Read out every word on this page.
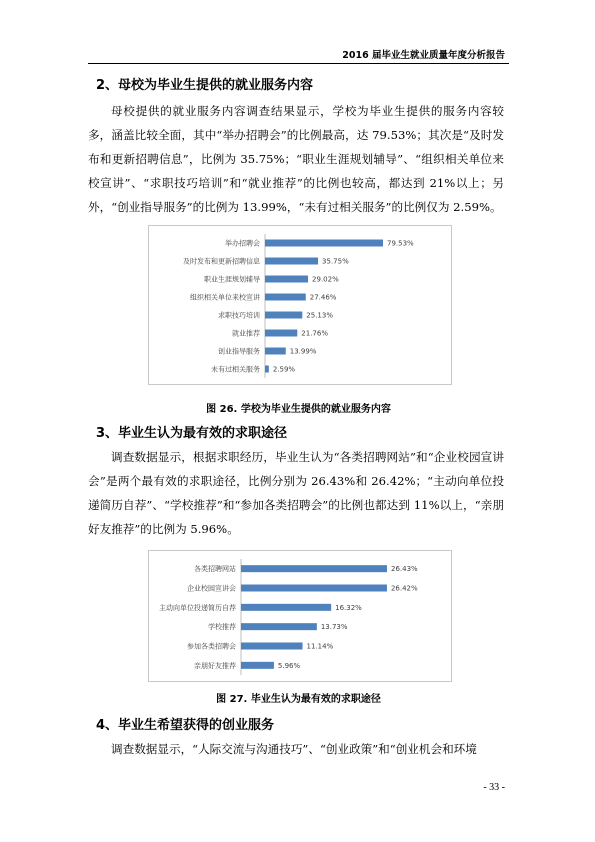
2016 届毕业生就业质量年度分析报告
2、母校为毕业生提供的就业服务内容

母校提供的就业服务内容调查结果显示，学校为毕业生提供的服务内容较多，涵盖比较全面，其中“举办招聘会”的比例最高，达 79.53%；其次是“及时发布和更新招聘信息”，比例为 35.75%；“职业生涯规划辅导”、“组织相关单位来校宣讲”、“求职技巧培训”和“就业推荐”的比例也较高，都达到 21%以上；另外，“创业指导服务”的比例为 13.99%，“未有过相关服务”的比例仅为 2.59%。

举办招聘会	79.53%
及时发布和更新招聘信息	35.75%
职业生涯规划辅导	29.02%
组织相关单位来校宣讲	27.46%
求职技巧培训	25.13%
就业推荐	21.76%
创业指导服务	13.99%
未有过相关服务 2.59%
图 26. 学校为毕业生提供的就业服务内容
3、毕业生认为最有效的求职途径

调查数据显示，根据求职经历，毕业生认为“各类招聘网站”和“企业校园宣讲会”是两个最有效的求职途径，比例分别为 26.43%和 26.42%；“主动向单位投递简历自荐”、“学校推荐”和“参加各类招聘会”的比例也都达到 11%以上，“亲朋好友推荐”的比例为 5.96%。

各类招聘网站	26.43%
企业校园宣讲会	26.42%
主动向单位投递简历自荐	16.32%
学校推荐	13.73%
参加各类招聘会	11.14%
亲朋好友推荐	5.96%
图 27. 毕业生认为最有效的求职途径
4、毕业生希望获得的创业服务

调查数据显示，“人际交流与沟通技巧”、“创业政策”和“创业机会和环境

- 33 -
